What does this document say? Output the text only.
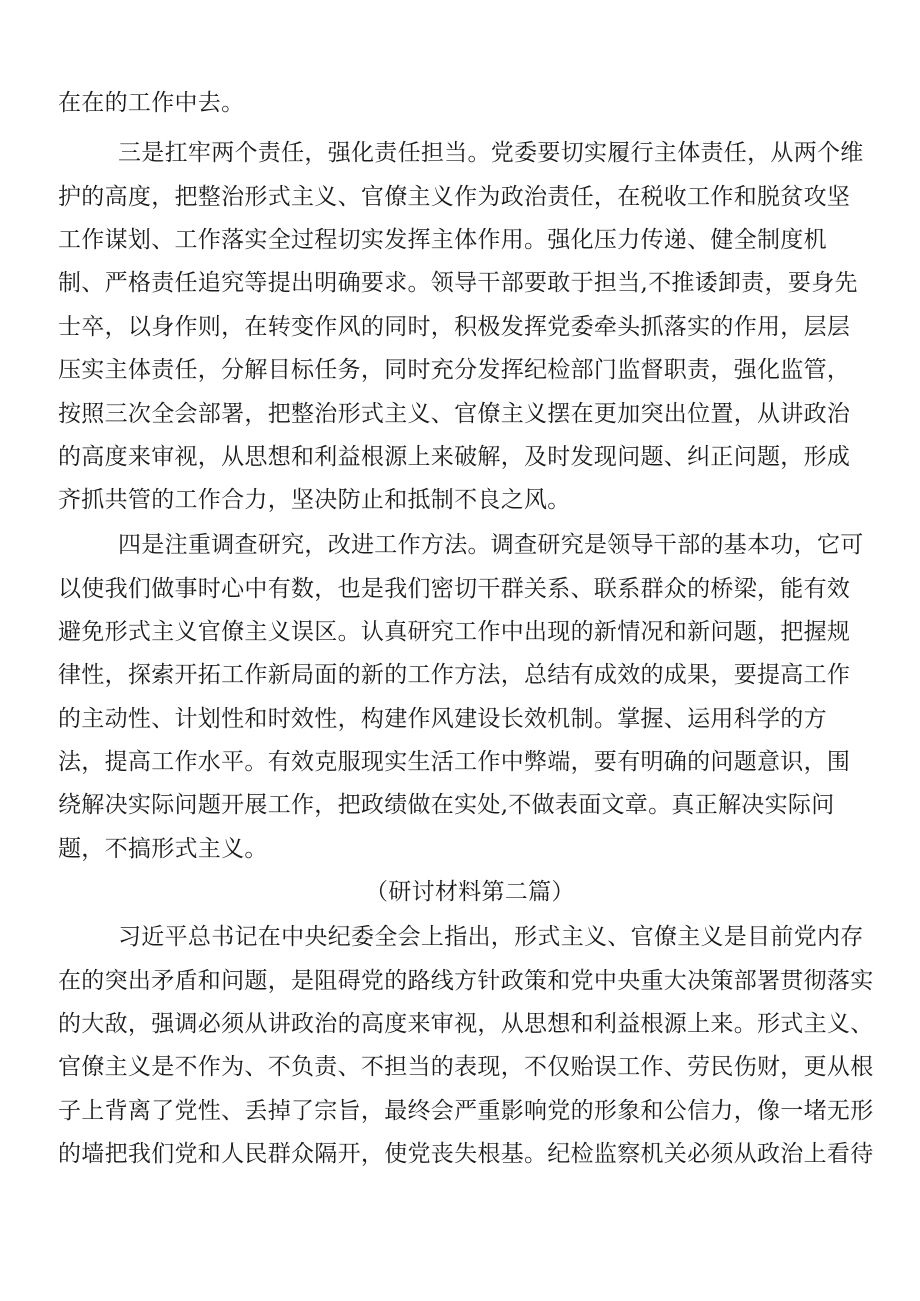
在在的工作中去。
三是扛牢两个责任，强化责任担当。党委要切实履行主体责任，从两个维
护的高度，把整治形式主义、官僚主义作为政治责任，在税收工作和脱贫攻坚
工作谋划、工作落实全过程切实发挥主体作用。强化压力传递、健全制度机
制、严格责任追究等提出明确要求。领导干部要敢于担当,不推诿卸责，要身先
士卒，以身作则，在转变作风的同时，积极发挥党委牵头抓落实的作用，层层
压实主体责任，分解目标任务，同时充分发挥纪检部门监督职责，强化监管，
按照三次全会部署，把整治形式主义、官僚主义摆在更加突出位置，从讲政治
的高度来审视，从思想和利益根源上来破解，及时发现问题、纠正问题，形成
齐抓共管的工作合力，坚决防止和抵制不良之风。
四是注重调查研究，改进工作方法。调查研究是领导干部的基本功，它可
以使我们做事时心中有数，也是我们密切干群关系、联系群众的桥梁，能有效
避免形式主义官僚主义误区。认真研究工作中出现的新情况和新问题，把握规
律性，探索开拓工作新局面的新的工作方法，总结有成效的成果，要提高工作
的主动性、计划性和时效性，构建作风建设长效机制。掌握、运用科学的方
法，提高工作水平。有效克服现实生活工作中弊端，要有明确的问题意识，围
绕解决实际问题开展工作，把政绩做在实处,不做表面文章。真正解决实际问
题，不搞形式主义。
（研讨材料第二篇）
习近平总书记在中央纪委全会上指出，形式主义、官僚主义是目前党内存
在的突出矛盾和问题，是阻碍党的路线方针政策和党中央重大决策部署贯彻落实
的大敌，强调必须从讲政治的高度来审视，从思想和利益根源上来。形式主义、
官僚主义是不作为、不负责、不担当的表现，不仅贻误工作、劳民伤财，更从根
子上背离了党性、丢掉了宗旨，最终会严重影响党的形象和公信力，像一堵无形
的墙把我们党和人民群众隔开，使党丧失根基。纪检监察机关必须从政治上看待
